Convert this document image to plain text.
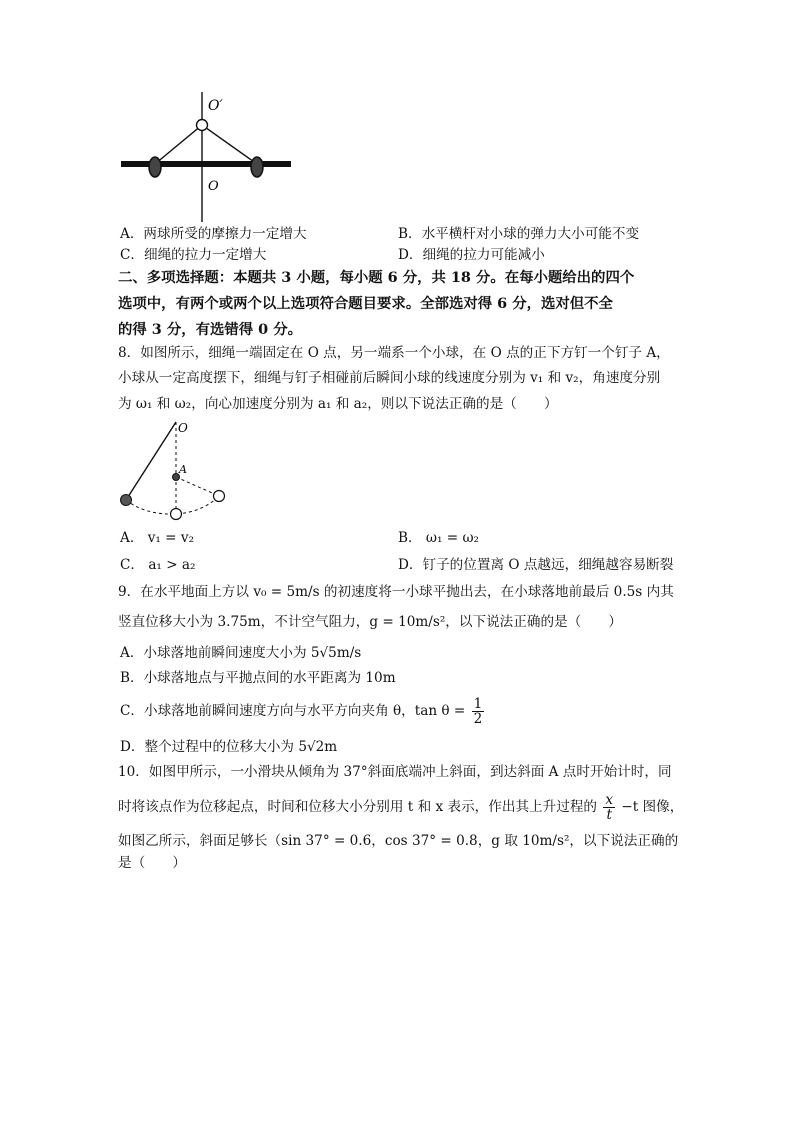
O′
O
A．两球所受的摩擦力一定增大	B．水平横杆对小球的弹力大小可能不变
C．细绳的拉力一定增大	D．细绳的拉力可能减小
二、多项选择题：本题共 3 小题，每小题 6 分，共 18 分。在每小题给出的四个
选项中，有两个或两个以上选项符合题目要求。全部选对得 6 分，选对但不全
的得 3 分，有选错得 0 分。
8．如图所示，细绳一端固定在 O 点，另一端系一个小球，在 O 点的正下方钉一个钉子 A，
小球从一定高度摆下，细绳与钉子相碰前后瞬间小球的线速度分别为 v₁ 和 v₂，角速度分别
为 ω₁ 和 ω₂，向心加速度分别为 a₁ 和 a₂，则以下说法正确的是（　　）
O
A
A． v₁ = v₂	B． ω₁ = ω₂
C． a₁ > a₂	D．钉子的位置离 O 点越远，细绳越容易断裂
9．在水平地面上方以 v₀ = 5m/s 的初速度将一小球平抛出去，在小球落地前最后 0.5s 内其
竖直位移大小为 3.75m，不计空气阻力，g = 10m/s²，以下说法正确的是（　　）
A．小球落地前瞬间速度大小为 5√5m/s
B．小球落地点与平抛点间的水平距离为 10m
C．小球落地前瞬间速度方向与水平方向夹角 θ，$\tan \theta = \frac{1}{2}$
D．整个过程中的位移大小为 5√2m
10．如图甲所示，一小滑块从倾角为 37°斜面底端冲上斜面，到达斜面 A 点时开始计时，同
时将该点作为位移起点，时间和位移大小分别用 t 和 x 表示，作出其上升过程的 $\frac{x}{t} -t$ 图像，
如图乙所示，斜面足够长（sin 37° = 0.6，cos 37° = 0.8，g 取 10m/s²，以下说法正确的
是（　　）
